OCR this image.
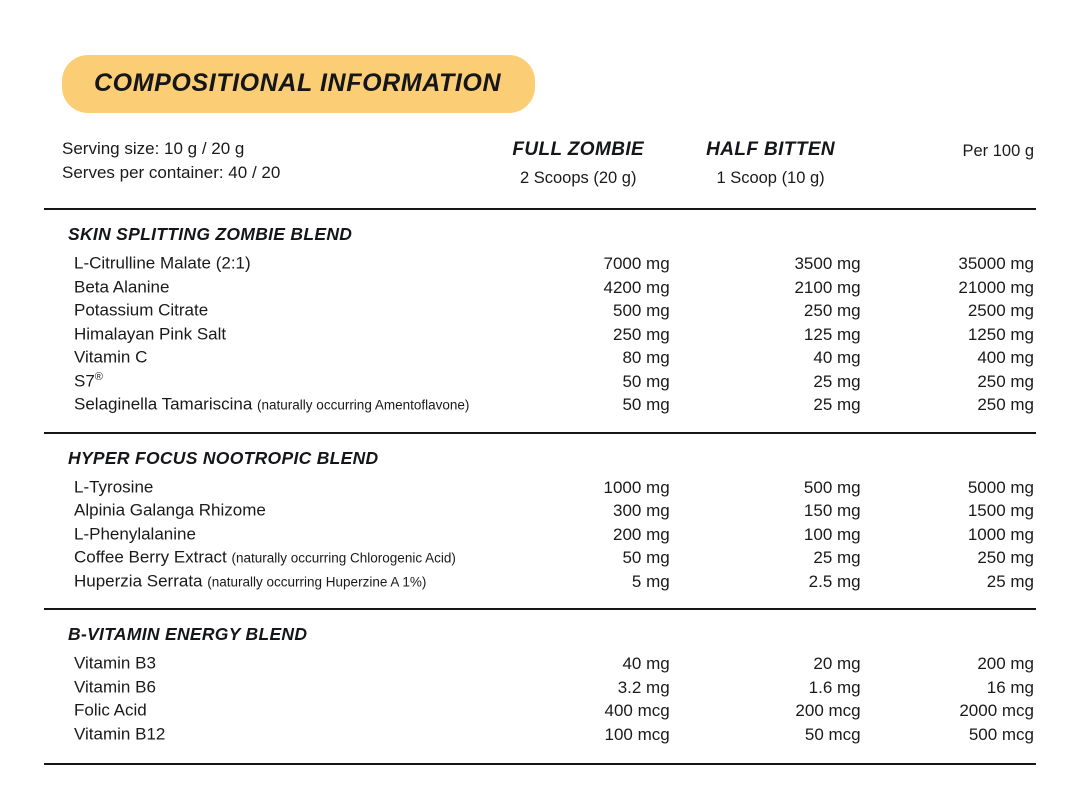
COMPOSITIONAL INFORMATION
Serving size: 10 g / 20 g
Serves per container: 40 / 20
FULL ZOMBIE
2 Scoops (20 g)
HALF BITTEN
1 Scoop (10 g)
Per 100 g
SKIN SPLITTING ZOMBIE BLEND
L-Citrulline Malate (2:1)	7000 mg	3500 mg	35000 mg
Beta Alanine	4200 mg	2100 mg	21000 mg
Potassium Citrate	500 mg	250 mg	2500 mg
Himalayan Pink Salt	250 mg	125 mg	1250 mg
Vitamin C	80 mg	40 mg	400 mg
S7®	50 mg	25 mg	250 mg
Selaginella Tamariscina (naturally occurring Amentoflavone)	50 mg	25 mg	250 mg
HYPER FOCUS NOOTROPIC BLEND
L-Tyrosine	1000 mg	500 mg	5000 mg
Alpinia Galanga Rhizome	300 mg	150 mg	1500 mg
L-Phenylalanine	200 mg	100 mg	1000 mg
Coffee Berry Extract (naturally occurring Chlorogenic Acid)	50 mg	25 mg	250 mg
Huperzia Serrata (naturally occurring Huperzine A 1%)	5 mg	2.5 mg	25 mg
B-VITAMIN ENERGY BLEND
Vitamin B3	40 mg	20 mg	200 mg
Vitamin B6	3.2 mg	1.6 mg	16 mg
Folic Acid	400 mcg	200 mcg	2000 mcg
Vitamin B12	100 mcg	50 mcg	500 mcg
